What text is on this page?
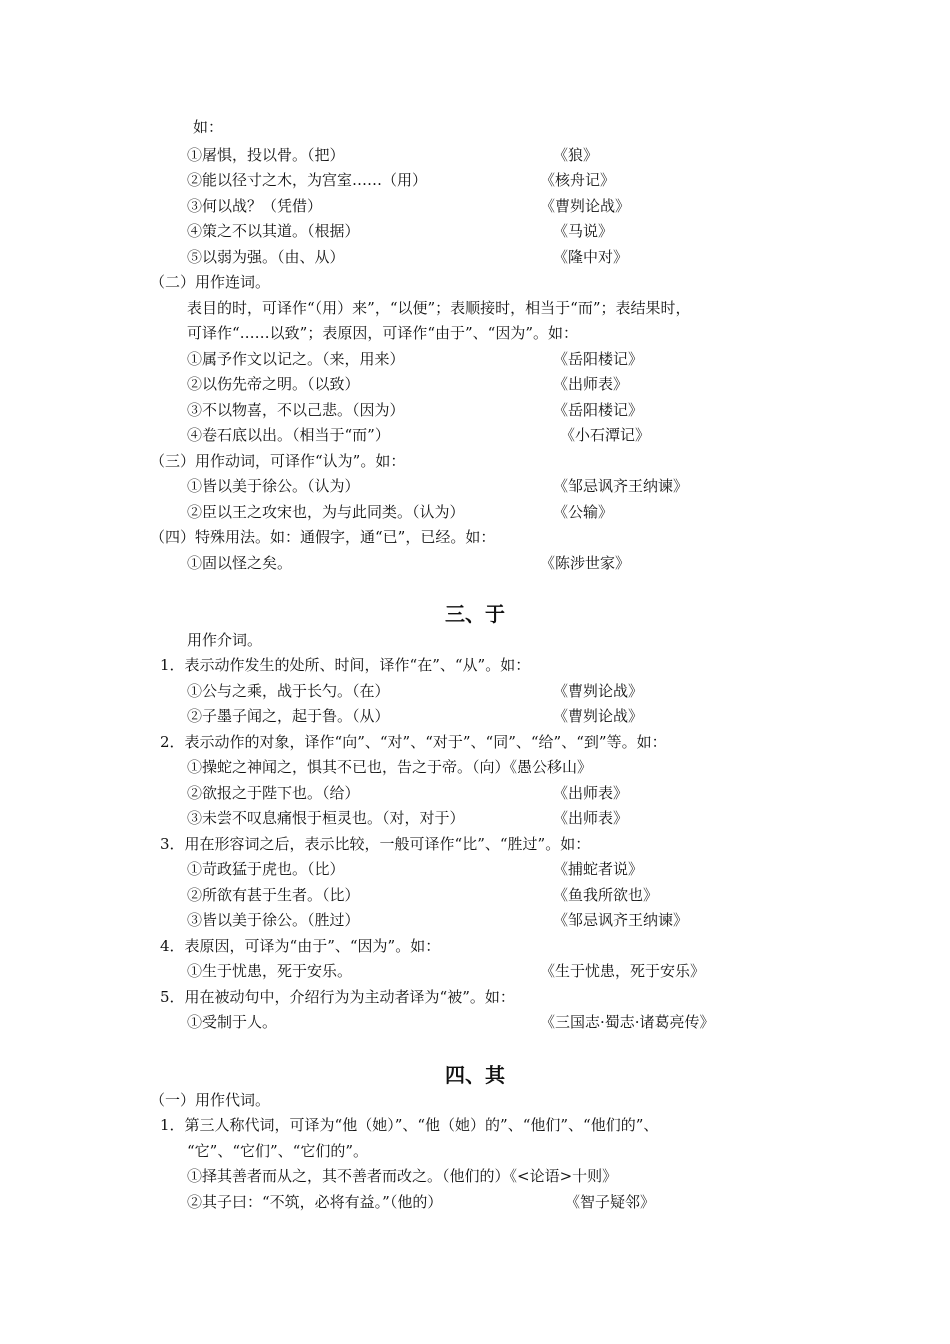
如：
①屠惧，投以骨。（把）	《狼》
②能以径寸之木，为宫室……（用）	《核舟记》
③何以战？（凭借）	《曹刿论战》
④策之不以其道。（根据）	《马说》
⑤以弱为强。（由、从）	《隆中对》
（二）用作连词。
表目的时，可译作“（用）来”，“以便”；表顺接时，相当于“而”；表结果时，
可译作“……以致”；表原因，可译作“由于”、“因为”。如：
①属予作文以记之。（来，用来）	《岳阳楼记》
②以伤先帝之明。（以致）	《出师表》
③不以物喜，不以己悲。（因为）	《岳阳楼记》
④卷石底以出。（相当于“而”）	《小石潭记》
（三）用作动词，可译作“认为”。如：
①皆以美于徐公。（认为）	《邹忌讽齐王纳谏》
②臣以王之攻宋也，为与此同类。（认为）	《公输》
（四）特殊用法。如：通假字，通“已”，已经。如：
①固以怪之矣。	《陈涉世家》
用作介词。
1．表示动作发生的处所、时间，译作“在”、“从”。如：
①公与之乘，战于长勺。（在）	《曹刿论战》
②子墨子闻之，起于鲁。（从）	《曹刿论战》
2．表示动作的对象，译作“向”、“对”、“对于”、“同”、“给”、“到”等。如：
①操蛇之神闻之，惧其不已也，告之于帝。（向）《愚公移山》
②欲报之于陛下也。（给）	《出师表》
③未尝不叹息痛恨于桓灵也。（对，对于）	《出师表》
3．用在形容词之后，表示比较，一般可译作“比”、“胜过”。如：
①苛政猛于虎也。（比）	《捕蛇者说》
②所欲有甚于生者。（比）	《鱼我所欲也》
③皆以美于徐公。（胜过）	《邹忌讽齐王纳谏》
4．表原因，可译为“由于”、“因为”。如：
①生于忧患，死于安乐。	《生于忧患，死于安乐》
5．用在被动句中，介绍行为为主动者译为“被”。如：
①受制于人。	《三国志·蜀志·诸葛亮传》
（一）用作代词。
1．第三人称代词，可译为“他（她）”、“他（她）的”、“他们”、“他们的”、
“它”、“它们”、“它们的”。
①择其善者而从之，其不善者而改之。（他们的）《<论语>十则》
②其子曰：“不筑，必将有益。”（他的）	《智子疑邻》
三、于
四、其
